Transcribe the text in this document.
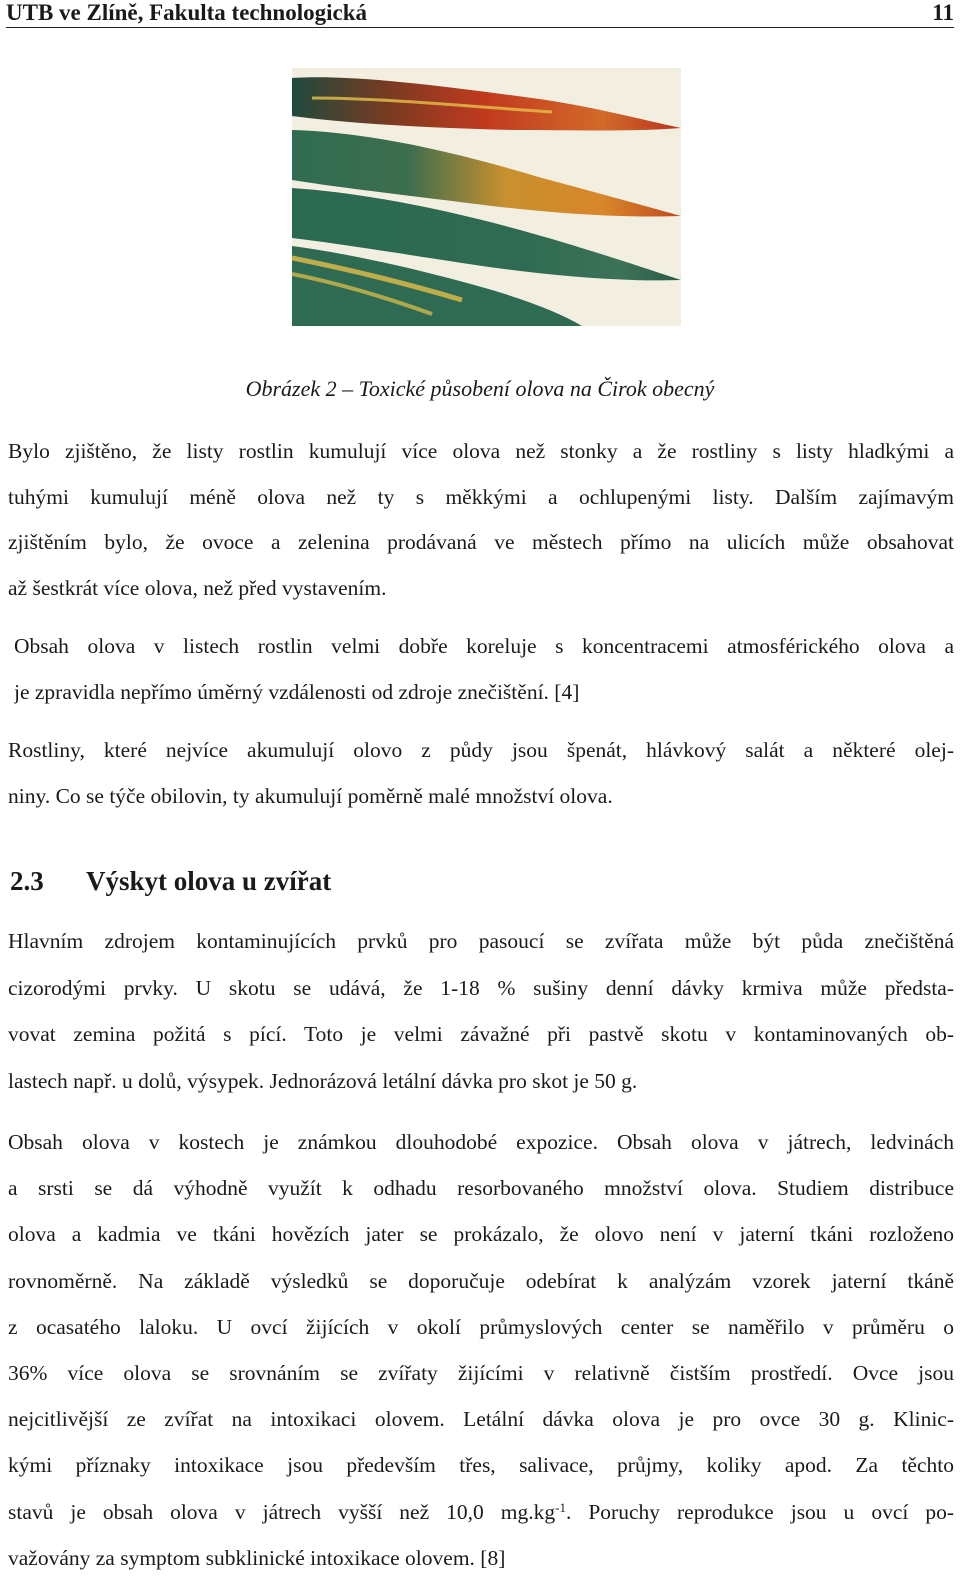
UTB ve Zlíně, Fakulta technologická	11
Obrázek 2 – Toxické působení olova na Čirok obecný

Bylo zjištěno, že listy rostlin kumulují více olova než stonky a že rostliny s listy hladkými a
tuhými kumulují méně olova než ty s měkkými a ochlupenými listy. Dalším zajímavým
zjištěním bylo, že ovoce a zelenina prodávaná ve městech přímo na ulicích může obsahovat
až šestkrát více olova, než před vystavením.

Obsah olova v listech rostlin velmi dobře koreluje s koncentracemi atmosférického olova a
je zpravidla nepřímo úměrný vzdálenosti od zdroje znečištění. [4]

Rostliny, které nejvíce akumulují olovo z půdy jsou špenát, hlávkový salát a některé olej-
niny. Co se týče obilovin, ty akumulují poměrně malé množství olova.

2.3 Výskyt olova u zvířat

Hlavním zdrojem kontaminujících prvků pro pasoucí se zvířata může být půda znečištěná
cizorodými prvky. U skotu se udává, že 1-18 % sušiny denní dávky krmiva může předsta-
vovat zemina požitá s pící. Toto je velmi závažné při pastvě skotu v kontaminovaných ob-
lastech např. u dolů, výsypek. Jednorázová letální dávka pro skot je 50 g.

Obsah olova v kostech je známkou dlouhodobé expozice. Obsah olova v játrech, ledvinách
a srsti se dá výhodně využít k odhadu resorbovaného množství olova. Studiem distribuce
olova a kadmia ve tkáni hovězích jater se prokázalo, že olovo není v jaterní tkáni rozloženo
rovnoměrně. Na základě výsledků se doporučuje odebírat k analýzám vzorek jaterní tkáně
z ocasatého laloku. U ovcí žijících v okolí průmyslových center se naměřilo v průměru o
36% více olova se srovnáním se zvířaty žijícími v relativně čistším prostředí. Ovce jsou
nejcitlivější ze zvířat na intoxikaci olovem. Letální dávka olova je pro ovce 30 g. Klinic-
kými příznaky intoxikace jsou především třes, salivace, průjmy, koliky apod. Za těchto
stavů je obsah olova v játrech vyšší než 10,0 $mg.kg^{-1}$. Poruchy reprodukce jsou u ovcí po-
važovány za symptom subklinické intoxikace olovem. [8]
